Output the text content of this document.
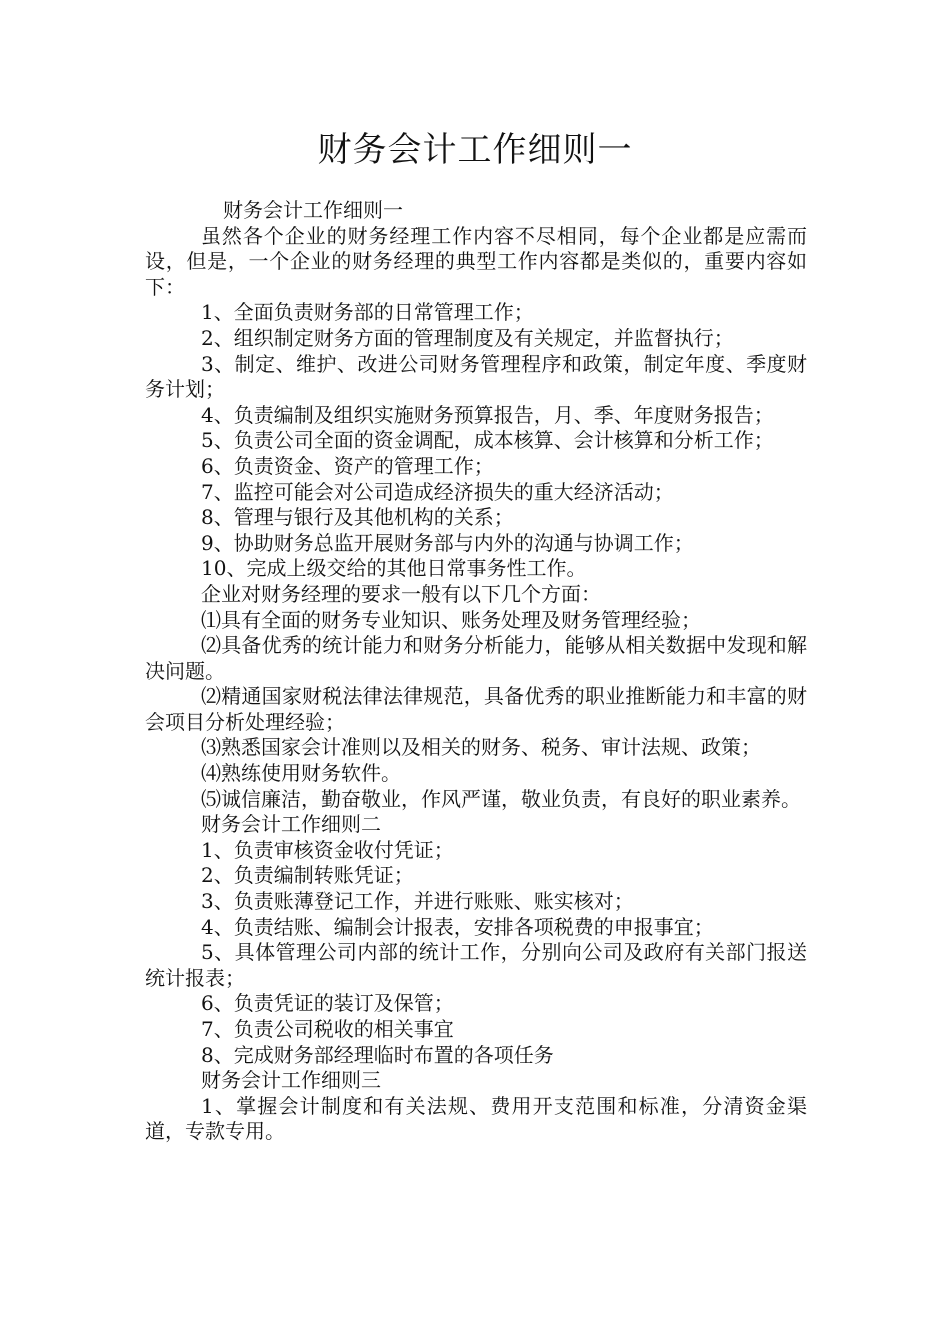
财务会计工作细则一

财务会计工作细则一

虽然各个企业的财务经理工作内容不尽相同，每个企业都是应需而设，但是，一个企业的财务经理的典型工作内容都是类似的，重要内容如下：

1、全面负责财务部的日常管理工作；

2、组织制定财务方面的管理制度及有关规定，并监督执行；

3、制定、维护、改进公司财务管理程序和政策，制定年度、季度财务计划；

4、负责编制及组织实施财务预算报告，月、季、年度财务报告；

5、负责公司全面的资金调配，成本核算、会计核算和分析工作；

6、负责资金、资产的管理工作；

7、监控可能会对公司造成经济损失的重大经济活动；

8、管理与银行及其他机构的关系；

9、协助财务总监开展财务部与内外的沟通与协调工作；

10、完成上级交给的其他日常事务性工作。

企业对财务经理的要求一般有以下几个方面：

⑴具有全面的财务专业知识、账务处理及财务管理经验；

⑵具备优秀的统计能力和财务分析能力，能够从相关数据中发现和解决问题。

⑵精通国家财税法律法律规范，具备优秀的职业推断能力和丰富的财会项目分析处理经验；

⑶熟悉国家会计准则以及相关的财务、税务、审计法规、政策；

⑷熟练使用财务软件。

⑸诚信廉洁，勤奋敬业，作风严谨，敬业负责，有良好的职业素养。

财务会计工作细则二

1、负责审核资金收付凭证；

2、负责编制转账凭证；

3、负责账薄登记工作，并进行账账、账实核对；

4、负责结账、编制会计报表，安排各项税费的申报事宜；

5、具体管理公司内部的统计工作，分别向公司及政府有关部门报送统计报表；

6、负责凭证的装订及保管；

7、负责公司税收的相关事宜

8、完成财务部经理临时布置的各项任务

财务会计工作细则三

1、掌握会计制度和有关法规、费用开支范围和标准，分清资金渠道，专款专用。
